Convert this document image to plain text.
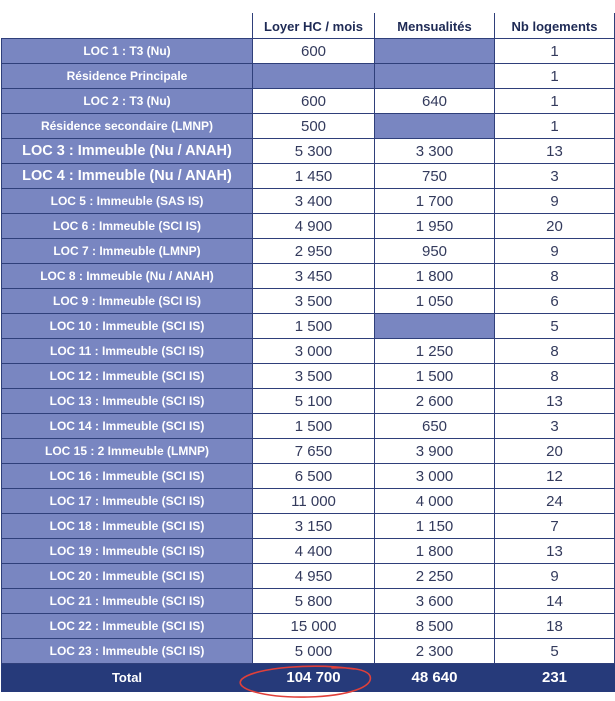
	Loyer HC / mois	Mensualités	Nb logements
LOC 1 : T3 (Nu)	600		1
Résidence Principale			1
LOC 2 : T3 (Nu)	600	640	1
Résidence secondaire (LMNP)	500		1
LOC 3 : Immeuble (Nu / ANAH)	5 300	3 300	13
LOC 4 : Immeuble (Nu / ANAH)	1 450	750	3
LOC 5 : Immeuble (SAS IS)	3 400	1 700	9
LOC 6 : Immeuble (SCI IS)	4 900	1 950	20
LOC 7 : Immeuble (LMNP)	2 950	950	9
LOC 8 : Immeuble (Nu / ANAH)	3 450	1 800	8
LOC 9 : Immeuble (SCI IS)	3 500	1 050	6
LOC 10 : Immeuble (SCI IS)	1 500		5
LOC 11 : Immeuble (SCI IS)	3 000	1 250	8
LOC 12 : Immeuble (SCI IS)	3 500	1 500	8
LOC 13 : Immeuble (SCI IS)	5 100	2 600	13
LOC 14 : Immeuble (SCI IS)	1 500	650	3
LOC 15 : 2 Immeuble (LMNP)	7 650	3 900	20
LOC 16 : Immeuble (SCI IS)	6 500	3 000	12
LOC 17 : Immeuble (SCI IS)	11 000	4 000	24
LOC 18 : Immeuble (SCI IS)	3 150	1 150	7
LOC 19 : Immeuble (SCI IS)	4 400	1 800	13
LOC 20 : Immeuble (SCI IS)	4 950	2 250	9
LOC 21 : Immeuble (SCI IS)	5 800	3 600	14
LOC 22 : Immeuble (SCI IS)	15 000	8 500	18
LOC 23 : Immeuble (SCI IS)	5 000	2 300	5
Total	104 700	48 640	231
